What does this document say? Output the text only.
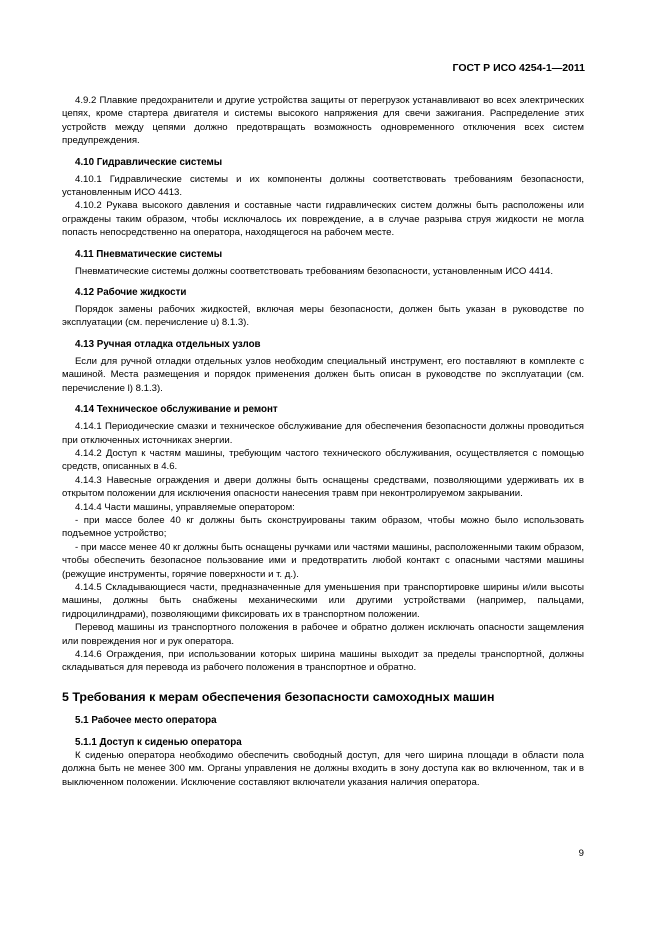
ГОСТ Р ИСО 4254-1—2011

4.9.2 Плавкие предохранители и другие устройства защиты от перегрузок устанавливают во всех электрических цепях, кроме стартера двигателя и системы высокого напряжения для свечи зажигания. Распределение этих устройств между цепями должно предотвращать возможность одновременного отключения всех систем предупреждения.

4.10 Гидравлические системы

4.10.1 Гидравлические системы и их компоненты должны соответствовать требованиям безопасности, установленным ИСО 4413.

4.10.2 Рукава высокого давления и составные части гидравлических систем должны быть расположены или ограждены таким образом, чтобы исключалось их повреждение, а в случае разрыва струя жидкости не могла попасть непосредственно на оператора, находящегося на рабочем месте.

4.11 Пневматические системы

Пневматические системы должны соответствовать требованиям безопасности, установленным ИСО 4414.

4.12 Рабочие жидкости

Порядок замены рабочих жидкостей, включая меры безопасности, должен быть указан в руководстве по эксплуатации (см. перечисление u) 8.1.3).

4.13 Ручная отладка отдельных узлов

Если для ручной отладки отдельных узлов необходим специальный инструмент, его поставляют в комплекте с машиной. Места размещения и порядок применения должен быть описан в руководстве по эксплуатации (см. перечисление l) 8.1.3).

4.14 Техническое обслуживание и ремонт

4.14.1 Периодические смазки и техническое обслуживание для обеспечения безопасности должны проводиться при отключенных источниках энергии.

4.14.2 Доступ к частям машины, требующим частого технического обслуживания, осуществляется с помощью средств, описанных в 4.6.

4.14.3 Навесные ограждения и двери должны быть оснащены средствами, позволяющими удерживать их в открытом положении для исключения опасности нанесения травм при неконтролируемом закрывании.

4.14.4 Части машины, управляемые оператором:

- при массе более 40 кг должны быть сконструированы таким образом, чтобы можно было использовать подъемное устройство;

- при массе менее 40 кг должны быть оснащены ручками или частями машины, расположенными таким образом, чтобы обеспечить безопасное пользование ими и предотвратить любой контакт с опасными частями машины (режущие инструменты, горячие поверхности и т. д.).

4.14.5 Складывающиеся части, предназначенные для уменьшения при транспортировке ширины и/или высоты машины, должны быть снабжены механическими или другими устройствами (например, пальцами, гидроцилиндрами), позволяющими фиксировать их в транспортном положении.

Перевод машины из транспортного положения в рабочее и обратно должен исключать опасности защемления или повреждения ног и рук оператора.

4.14.6 Ограждения, при использовании которых ширина машины выходит за пределы транспортной, должны складываться для перевода из рабочего положения в транспортное и обратно.

5 Требования к мерам обеспечения безопасности самоходных машин
5.1 Рабочее место оператора
5.1.1 Доступ к сиденью оператора

К сиденью оператора необходимо обеспечить свободный доступ, для чего ширина площади в области пола должна быть не менее 300 мм. Органы управления не должны входить в зону доступа как во включенном, так и в выключенном положении. Исключение составляют включатели указания наличия оператора.

9
